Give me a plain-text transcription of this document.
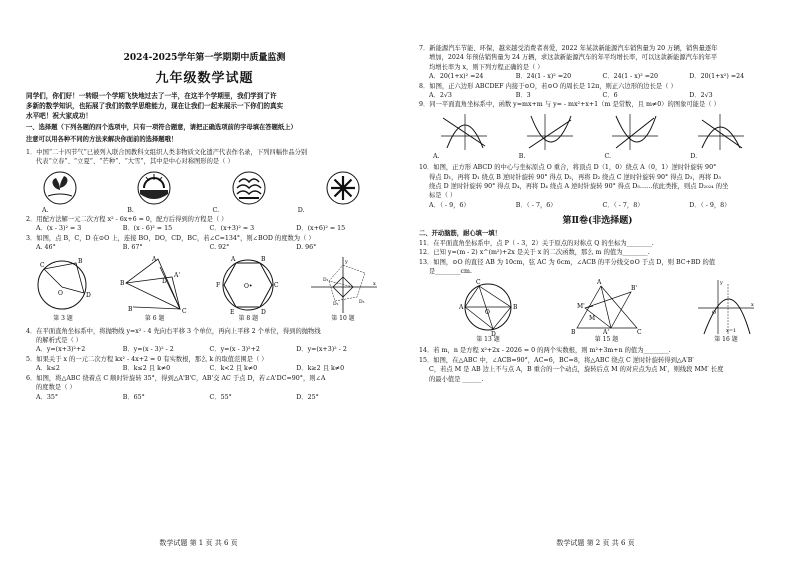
2024-2025学年第一学期期中质量监测
九年级数学试题
同学们，你们好！一转眼一个学期飞快地过去了一半，在这半个学期里，我们学到了许
多新的数学知识，也拓展了我们的数学思维能力，现在让我们一起来展示一下你们的真实
水平吧！祝大家成功！
一、选择题（下列各题的四个选项中，只有一项符合题意，请把正确选项前的字母填在答题纸上）
注意可以用各种不同的方法来解决你面前的选择题哦！
1．中国“二十四节气”已被列入联合国教科文组织人类非物质文化遗产代表作名录，下列四幅作品分别
代表“立春”、“立夏”、“芒种”、“大雪”，其中是中心对称图形的是（ ）
A.	B.	C.	D.
2．用配方法解一元二次方程 x² - 6x+6 = 0，配方后得到的方程是（ ）
A．(x - 3)² = 3	B．(x - 6)² = 15	C．(x+3)² = 3	D．(x+6)² = 15
3．如图，点 B，C，D 在⊙O 上，连接 BO，DO，CD，BC，若∠C=134°，则∠BOD 的度数为（ ）
A. 46°	B. 67°	C. 92°	D. 96°
C
B
D
O
第 3 题
A
B
C
B'
A'
D
第 6 题
O•
A	B
C
D
E
F
第 8 题
y
x
D₁
D₂	D₃
第 10 题
4．在平面直角坐标系中，将抛物线 y=x² - 4 先向右平移 3 个单位，再向上平移 2 个单位，得到的抛物线
的解析式是（ ）
A．y=(x+3)²+2	B．y=(x - 3)² - 2	C．y=(x - 3)²+2	D．y=(x+3)² - 2
5．如果关于 x 的一元二次方程 kx² - 4x+2 = 0 有实数根，那么 k 的取值范围是（ ）
A．k≤2	B．k≤2 且 k≠0	C．k<2 且 k≠0	D．k≥2 且 k≠0
6．如图，将△ABC 绕着点 C 顺时针旋转 35°，得到△A'B'C，AB'交 AC 于点 D，若∠A'DC=90°，则∠A
的度数是（ ）
A．35°	B．65°	C．55°	D．25°
数学试题 第 1 页 共 6 页
7．新能源汽车节能、环保，越来越受消费者喜爱，2022 年某款新能源汽车销售量为 20 万辆，销售量逐年
增加，2024 年预估销售量为 24 万辆，求这款新能源汽车的年平均增长率，可以这款新能源汽车的年平
均增长率为 x，则下列方程正确的是（ ）
A．20(1+x)² =24	B．24(1 - x)² =20	C．24(1 - x)² =20	D．20(1+x²) =24
8．如图，正六边形 ABCDEF 内接于⊙O，若⊙O 的周长是 12π，则正六边形的边长是（ ）
A．2√3	B．3	C．6	D．2√3
9．同一平面直角坐标系中，函数 y=mx+m 与 y= - mx²+x+1（m 是常数，且 m≠0）的图象可能是（ ）
A.	B.	C.	D.
10．如图，正方形 ABCD 的中心与坐标原点 O 重合，将顶点 D（1，0）绕点 A（0，1）逆时针旋转 90°
得点 D₁，再将 D₁ 绕点 B 逆时针旋转 90° 得点 D₂，再将 D₂ 绕点 C 逆时针旋转 90° 得点 D₃，再将 D₃
绕点 D 逆时针旋转 90° 得点 D₄，再将 D₄ 绕点 A 逆时针旋转 90° 得点 D₅……依此类推，则点 D₂₀₂₄ 的坐
标是（ ）
A．（ - 9，6）	B．（ - 7，6）	C．（ - 7，8）	D．（ - 9，8）
第Ⅱ卷(非选择题)
二、开动脑筋，耐心填一填！
11．在平面直角坐标系中，点 P（ - 3，2）关于原点的对称点 Q 的坐标为________.
12．已知 y=(m - 2) x^(m²)+2x 是关于 x 的二次函数，那么 m 的值为________.
13．如图，⊙O 的直径 AB 为 10cm，弦 AC 为 6cm，∠ACB 的平分线交⊙O 于点 D，则 BC+BD 的值
是________cm.
A	B
C
D
O
第 13 题
A
B	C
M'
B'
A'
M
第 15 题
y
x
O
x=1
第 16 题
14．若 m，n 是方程 x²+2x - 2026 = 0 的两个实数根，则 m²+3m+n 的值为________.
15．如图，在△ABC 中，∠ACB=90°，AC=6，BC=8，将△ABC 绕点 C 逆时针旋转得到△A′B′
C，若点 M 是 AB 边上不与点 A，B 重合的一个动点，旋转后点 M 的对应点为点 M′，则线段 MM′ 长度
的最小值是 ______.
数学试题 第 2 页 共 6 页
